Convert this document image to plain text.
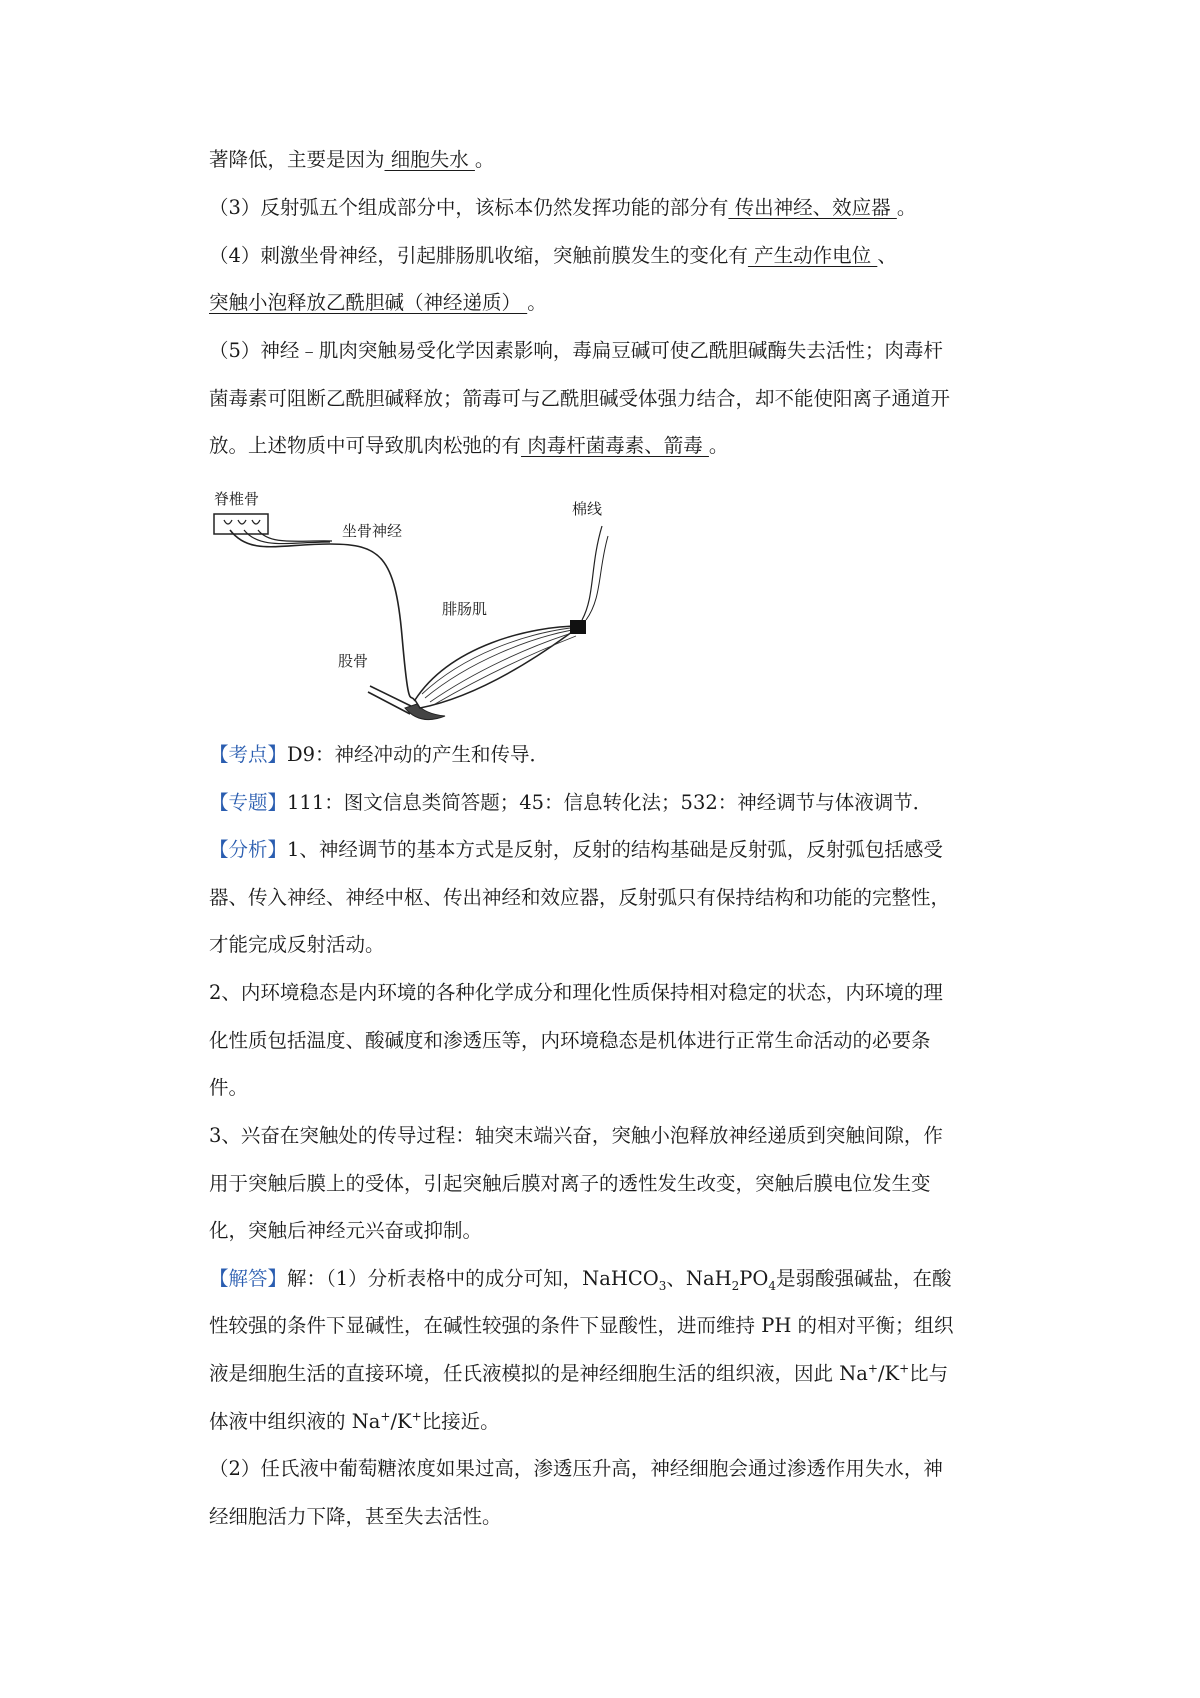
著降低，主要是因为 细胞失水 。
（3）反射弧五个组成部分中，该标本仍然发挥功能的部分有 传出神经、效应器 。
（4）刺激坐骨神经，引起腓肠肌收缩，突触前膜发生的变化有 产生动作电位 、
突触小泡释放乙酰胆碱（神经递质） 。
（5）神经﹣肌肉突触易受化学因素影响，毒扁豆碱可使乙酰胆碱酶失去活性；肉毒杆
菌毒素可阻断乙酰胆碱释放；箭毒可与乙酰胆碱受体强力结合，却不能使阳离子通道开
放。上述物质中可导致肌肉松弛的有 肉毒杆菌毒素、箭毒 。
脊椎骨
坐骨神经
股骨
腓肠肌
棉线
【考点】D9：神经冲动的产生和传导．
【专题】111：图文信息类简答题；45：信息转化法；532：神经调节与体液调节．
【分析】1、神经调节的基本方式是反射，反射的结构基础是反射弧，反射弧包括感受
器、传入神经、神经中枢、传出神经和效应器，反射弧只有保持结构和功能的完整性，
才能完成反射活动。
2、内环境稳态是内环境的各种化学成分和理化性质保持相对稳定的状态，内环境的理
化性质包括温度、酸碱度和渗透压等，内环境稳态是机体进行正常生命活动的必要条
件。
3、兴奋在突触处的传导过程：轴突末端兴奋，突触小泡释放神经递质到突触间隙，作
用于突触后膜上的受体，引起突触后膜对离子的透性发生改变，突触后膜电位发生变
化，突触后神经元兴奋或抑制。
【解答】解：（1）分析表格中的成分可知，NaHCO$_3$、$NaH_2PO_4$是弱酸强碱盐，在酸
性较强的条件下显碱性，在碱性较强的条件下显酸性，进而维持 PH 的相对平衡；组织
液是细胞生活的直接环境，任氏液模拟的是神经细胞生活的组织液，因此 Na+/K+比与
体液中组织液的 Na+/K+比接近。
（2）任氏液中葡萄糖浓度如果过高，渗透压升高，神经细胞会通过渗透作用失水，神
经细胞活力下降，甚至失去活性。
